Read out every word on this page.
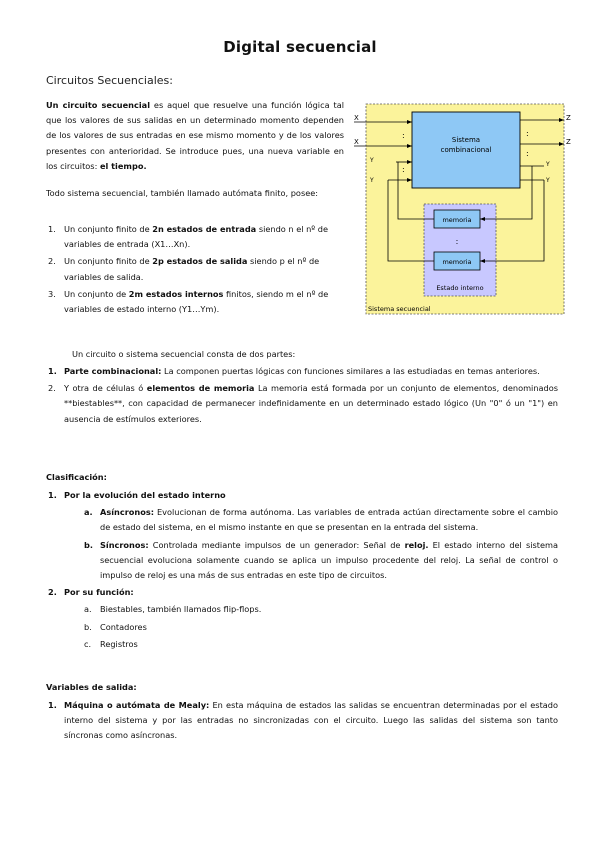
Digital secuencial
Circuitos Secuenciales:
Un circuito secuencial es aquel que resuelve una función lógica tal que los valores de sus salidas en un determinado momento dependen de los valores de sus entradas en ese mismo momento y de los valores presentes con anterioridad. Se introduce pues, una nueva variable en los circuitos: el tiempo.
Todo sistema secuencial, también llamado autómata finito, posee:
1. Un conjunto finito de 2n estados de entrada siendo n el nº de variables de entrada (X1…Xn).
2. Un conjunto finito de 2p estados de salida siendo p el nº de variables de salida.
3. Un conjunto de 2m estados internos finitos, siendo m el nº de variables de estado interno (Y1…Ym).
Sistema
combinacional
memoria
:
memoria
Estado interno
Sistema secuencial
X
:
X
Y
:
Y
Z
:
Z
:
Y
Y
Un circuito o sistema secuencial consta de dos partes:
1. Parte combinacional: La componen puertas lógicas con funciones similares a las estudiadas en temas anteriores.
2. Y otra de células ó elementos de memoria La memoria está formada por un conjunto de elementos, denominados **biestables**, con capacidad de permanecer indefinidamente en un determinado estado lógico (Un "0" ó un "1") en ausencia de estímulos exteriores.
Clasificación:
1. Por la evolución del estado interno
a. Asíncronos: Evolucionan de forma autónoma. Las variables de entrada actúan directamente sobre el cambio de estado del sistema, en el mismo instante en que se presentan en la entrada del sistema.
b. Síncronos: Controlada mediante impulsos de un generador: Señal de reloj. El estado interno del sistema secuencial evoluciona solamente cuando se aplica un impulso procedente del reloj. La señal de control o impulso de reloj es una más de sus entradas en este tipo de circuitos.
2. Por su función:
a. Biestables, también llamados flip-flops.
b. Contadores
c. Registros
Variables de salida:
1. Máquina o autómata de Mealy: En esta máquina de estados las salidas se encuentran determinadas por el estado interno del sistema y por las entradas no sincronizadas con el circuito. Luego las salidas del sistema son tanto síncronas como asíncronas.
